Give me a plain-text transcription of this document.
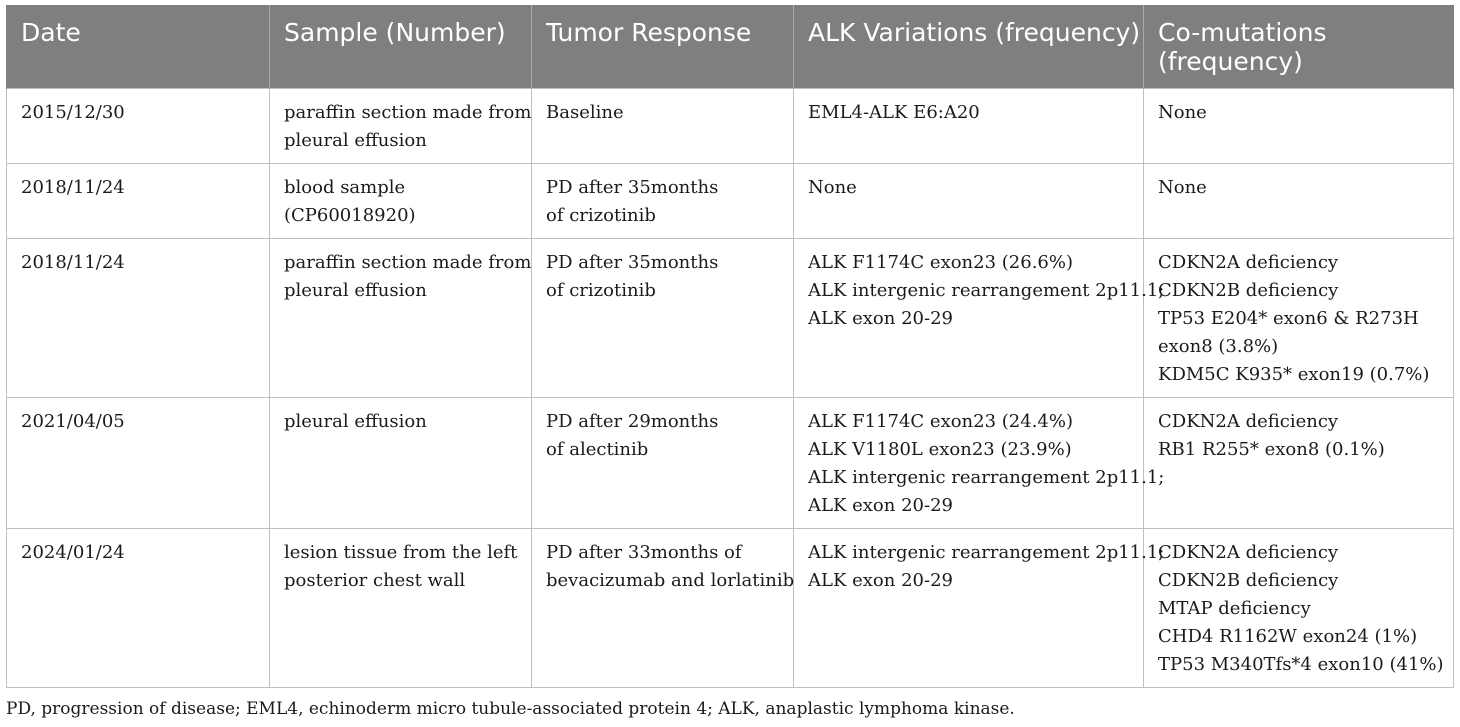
Date	Sample (Number)	Tumor Response	ALK Variations (frequency)	Co-mutations
(frequency)

2015/12/30	paraffin section made from
pleural effusion	Baseline	EML4-ALK E6:A20	None

2018/11/24	blood sample
(CP60018920)	PD after 35months
of crizotinib	None	None

2018/11/24	paraffin section made from
pleural effusion	PD after 35months
of crizotinib	ALK F1174C exon23 (26.6%)
ALK intergenic rearrangement 2p11.1;
ALK exon 20-29	CDKN2A deficiency
CDKN2B deficiency
TP53 E204* exon6 & R273H
exon8 (3.8%)
KDM5C K935* exon19 (0.7%)

2021/04/05	pleural effusion	PD after 29months
of alectinib	ALK F1174C exon23 (24.4%)
ALK V1180L exon23 (23.9%)
ALK intergenic rearrangement 2p11.1;
ALK exon 20-29	CDKN2A deficiency
RB1 R255* exon8 (0.1%)

2024/01/24	lesion tissue from the left
posterior chest wall	PD after 33months of
bevacizumab and lorlatinib	ALK intergenic rearrangement 2p11.1;
ALK exon 20-29	CDKN2A deficiency
CDKN2B deficiency
MTAP deficiency
CHD4 R1162W exon24 (1%)
TP53 M340Tfs*4 exon10 (41%)
PD, progression of disease; EML4, echinoderm micro tubule-associated protein 4; ALK, anaplastic lymphoma kinase.
